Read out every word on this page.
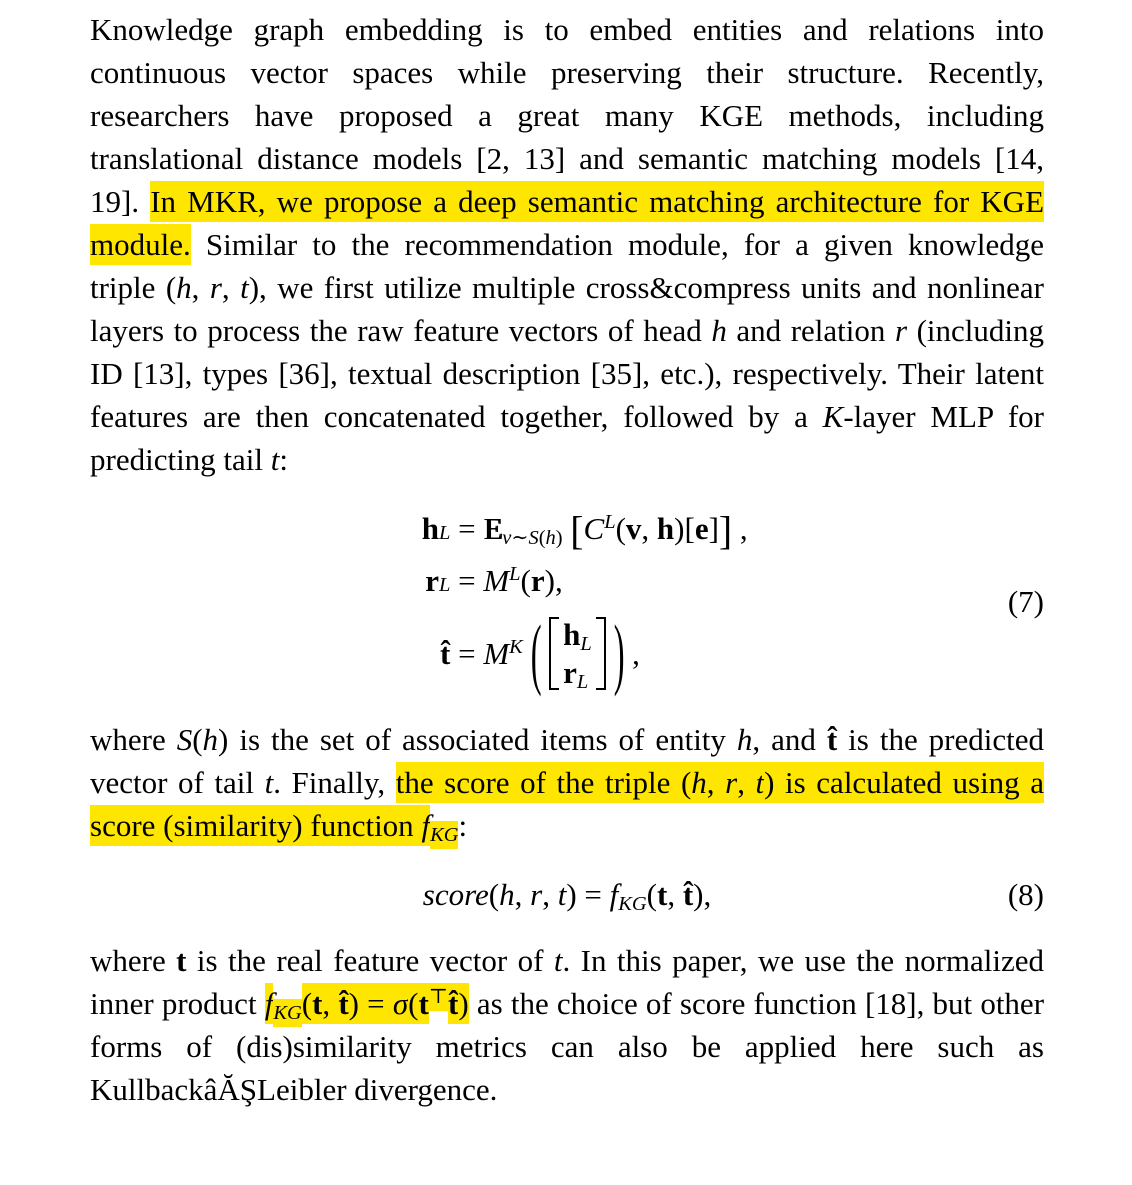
Knowledge graph embedding is to embed entities and relations into continuous vector spaces while preserving their structure. Recently, researchers have proposed a great many KGE methods, including translational distance models [2, 13] and semantic matching models [14, 19]. In MKR, we propose a deep semantic matching architecture for KGE module. Similar to the recommendation module, for a given knowledge triple (h, r, t), we first utilize multiple cross&compress units and nonlinear layers to process the raw feature vectors of head h and relation r (including ID [13], types [36], textual description [35], etc.), respectively. Their latent features are then concatenated together, followed by a K-layer MLP for predicting tail t:

h $L = E_{v\sim S(h)}$ [$C^L(v$, h)[e]] ,
r $L = M^L(r)$,
t̂ = $M^K$ ( $h_L$
$r_L$ ) ,
(7)

where S(h) is the set of associated items of entity h, and t̂ is the predicted vector of tail t. Finally, the score of the triple (h, r, t) is calculated using a score (similarity) function $f_{KG}$:

score(h, r, $t) = f_{KG}(t$, t̂),	(8)

where t is the real feature vector of t. In this paper, we use the normalized inner product $f_{KG}(t$, t̂) = σ(t⊤t̂) as the choice of score function [18], but other forms of (dis)similarity metrics can also be applied here such as KullbackâĂŞLeibler divergence.
